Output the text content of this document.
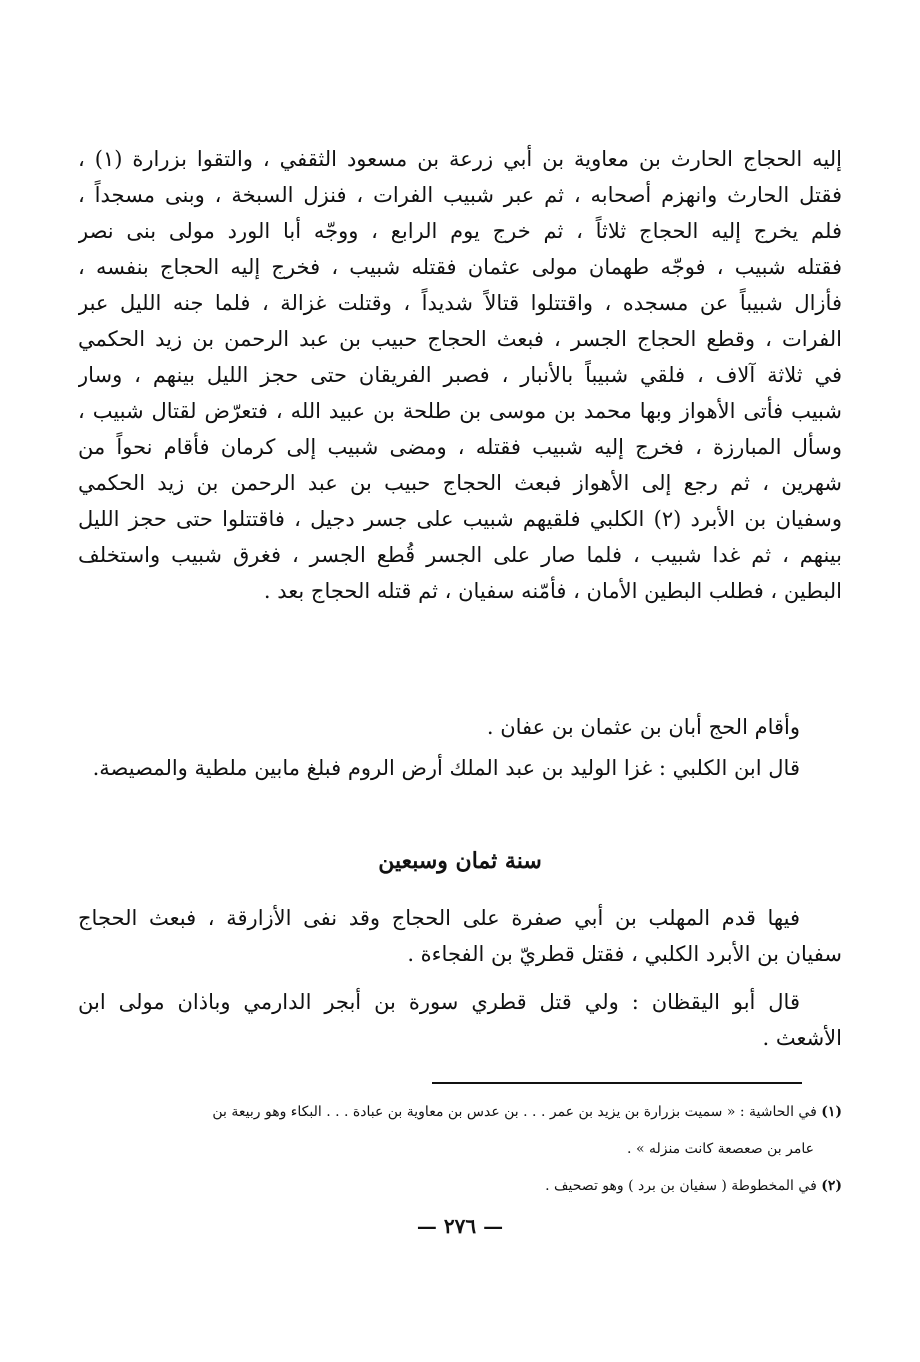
إليه الحجاج الحارث بن معاوية بن أبي زرعة بن مسعود الثقفي ، والتقوا بزرارة (١) ،
فقتل الحارث وانهزم أصحابه ، ثم عبر شبيب الفرات ، فنزل السبخة ، وبنى مسجداً ،
فلم يخرج إليه الحجاج ثلاثاً ، ثم خرج يوم الرابع ، ووجّه أبا الورد مولى بنى نصر
فقتله شبيب ، فوجّه طهمان مولى عثمان فقتله شبيب ، فخرج إليه الحجاج بنفسه ،
فأزال شبيباً عن مسجده ، واقتتلوا قتالاً شديداً ، وقتلت غزالة ، فلما جنه الليل عبر
الفرات ، وقطع الحجاج الجسر ، فبعث الحجاج حبيب بن عبد الرحمن بن زيد الحكمي
في ثلاثة آلاف ، فلقي شبيباً بالأنبار ، فصبر الفريقان حتى حجز الليل بينهم ، وسار
شبيب فأتى الأهواز وبها محمد بن موسى بن طلحة بن عبيد الله ، فتعرّض لقتال شبيب ،
وسأل المبارزة ، فخرج إليه شبيب فقتله ، ومضى شبيب إلى كرمان فأقام نحواً من
شهرين ، ثم رجع إلى الأهواز فبعث الحجاج حبيب بن عبد الرحمن بن زيد الحكمي
وسفيان بن الأبرد (٢) الكلبي فلقيهم شبيب على جسر دجيل ، فاقتتلوا حتى حجز الليل
بينهم ، ثم غدا شبيب ، فلما صار على الجسر قُطع الجسر ، فغرق شبيب واستخلف
البطين ، فطلب البطين الأمان ، فأمّنه سفيان ، ثم قتله الحجاج بعد .
وأقام الحج أبان بن عثمان بن عفان .
قال ابن الكلبي : غزا الوليد بن عبد الملك أرض الروم فبلغ مابين ملطية والمصيصة.
سنة ثمان وسبعين
فيها قدم المهلب بن أبي صفرة على الحجاج وقد نفى الأزارقة ، فبعث الحجاج
سفيان بن الأبرد الكلبي ، فقتل قطريّ بن الفجاءة .
قال أبو اليقظان : ولي قتل قطري سورة بن أبجر الدارمي وباذان مولى ابن
الأشعث .
(١) في الحاشية : « سميت بزرارة بن يزيد بن عمر . . . بن عدس بن معاوية بن عبادة . . . البكاء وهو ربيعة بن
عامر بن صعصعة كانت منزله » .
(٢) في المخطوطة ( سفيان بن برد ) وهو تصحيف .
— ٢٧٦ —
